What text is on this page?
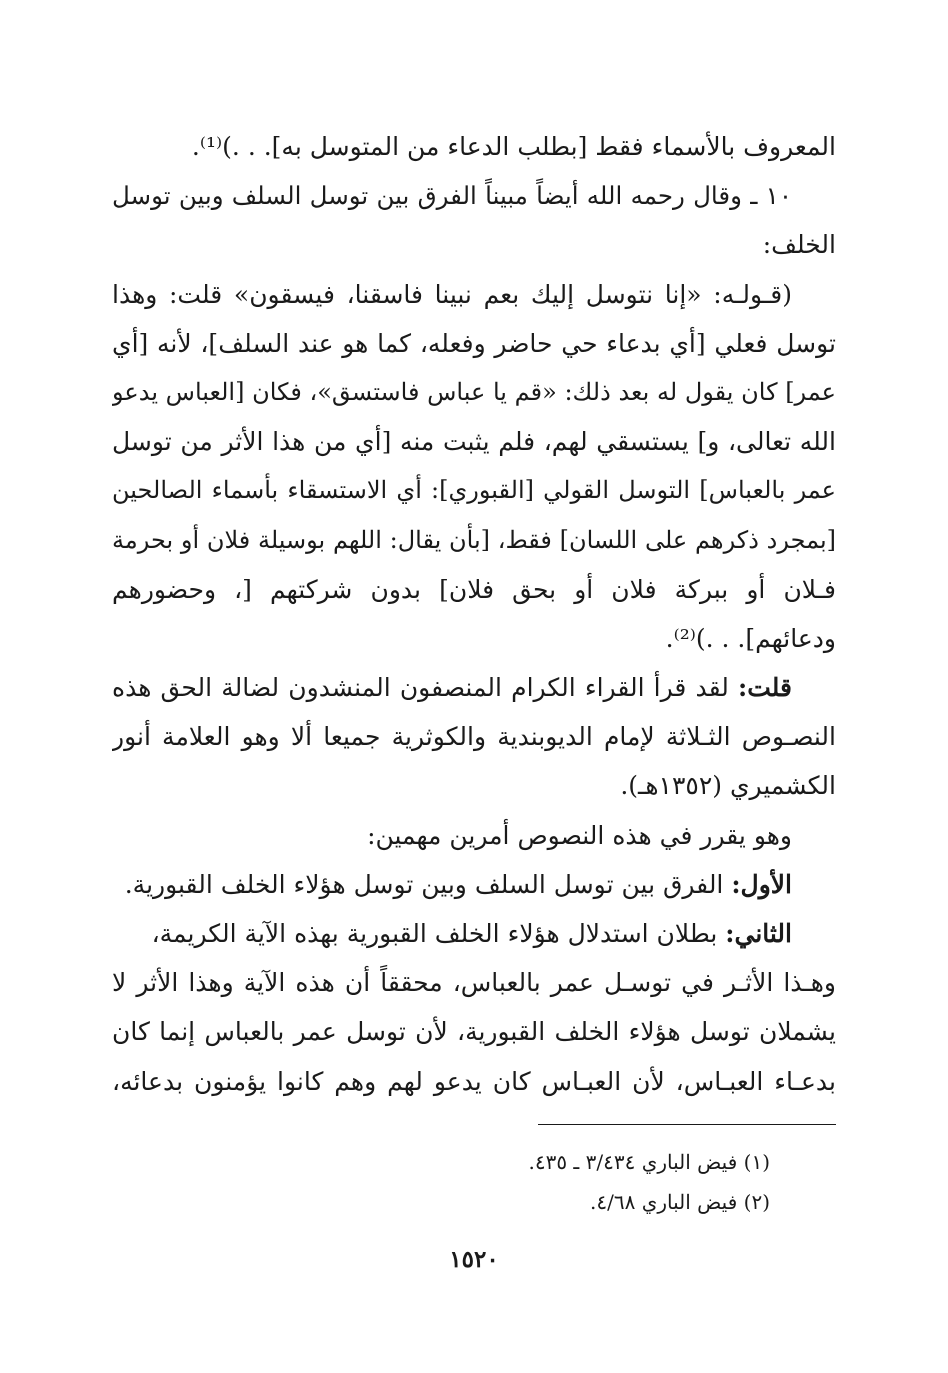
المعروف بالأسماء فقط [بطلب الدعاء من المتوسل به]. . .)⁽¹⁾.
١٠ ـ وقال رحمه الله أيضاً مبيناً الفرق بين توسل السلف وبين توسل
الخلف:
(قـولـه: «إنا نتوسل إليك بعم نبينا فاسقنا، فيسقون» قلت: وهذا
توسل فعلي [أي بدعاء حي حاضر وفعله، كما هو عند السلف]، لأنه [أي
عمر] كان يقول له بعد ذلك: «قم يا عباس فاستسق»، فكان [العباس يدعو
الله تعالى، و] يستسقي لهم، فلم يثبت منه [أي من هذا الأثر من توسل
عمر بالعباس] التوسل القولي [القبوري]: أي الاستسقاء بأسماء الصالحين
[بمجرد ذكرهم على اللسان] فقط، [بأن يقال: اللهم بوسيلة فلان أو بحرمة
فـلان أو ببركة فلان أو بحق فلان] بدون شركتهم [، وحضورهم
ودعائهم]. . .)⁽²⁾.
قلت: لقد قرأ القراء الكرام المنصفون المنشدون لضالة الحق هذه
النصـوص الثـلاثة لإمام الديوبندية والكوثرية جميعا ألا وهو العلامة أنور
الكشميري (١٣٥٢هـ).
وهو يقرر في هذه النصوص أمرين مهمين:
الأول: الفرق بين توسل السلف وبين توسل هؤلاء الخلف القبورية.
الثاني: بطلان استدلال هؤلاء الخلف القبورية بهذه الآية الكريمة،
وهـذا الأثـر في توسـل عمر بالعباس، محققاً أن هذه الآية وهذا الأثر لا
يشملان توسل هؤلاء الخلف القبورية، لأن توسل عمر بالعباس إنما كان
بدعـاء العبـاس، لأن العبـاس كان يدعو لهم وهم كانوا يؤمنون بدعائه،
(١) فيض الباري ٣/٤٣٤ ـ ٤٣٥.
(٢) فيض الباري ٤/٦٨.
١٥٢٠
